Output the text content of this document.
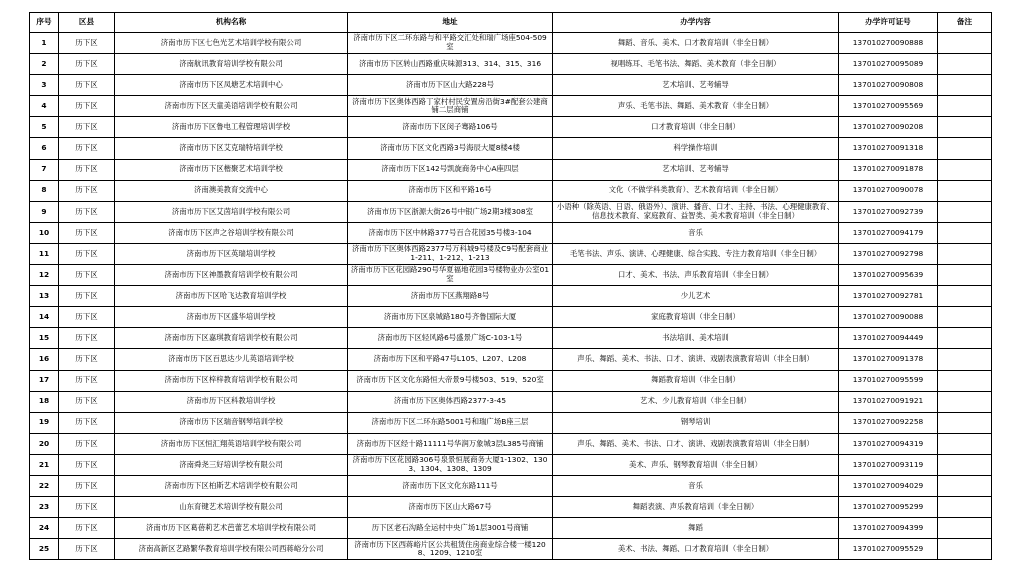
序号	区县	机构名称	地址	办学内容	办学许可证号	备注
1	历下区	济南市历下区七色光艺术培训学校有限公司	济南市历下区二环东路与和平路交汇处和瑞广场座504-509室	舞蹈、音乐、美术、口才教育培训（非全日制）	137010270090888	
2	历下区	济南航讯教育培训学校有限公司	济南市历下区转山西路重庆味源313、314、315、316	视唱练耳、毛笔书法、舞蹈、美术教育（非全日制）	137010270095089	
3	历下区	济南市历下区凤塘艺术培训中心	济南市历下区山大路228号	艺术培训、艺考辅导	137010270090808	
4	历下区	济南市历下区天童美语培训学校有限公司	济南市历下区奥体西路丁家村村民安置房沿街3#配套公建商铺二层商铺	声乐、毛笔书法、舞蹈、美术教育（非全日制）	137010270095569	
5	历下区	济南市历下区鲁电工程管理培训学校	济南市历下区闵子骞路106号	口才教育培训（非全日制）	137010270090208	
6	历下区	济南市历下区艾克瑞特培训学校	济南市历下区文化西路3号海辰大厦8楼4楼	科学操作培训	137010270091318	
7	历下区	济南市历下区楷聚艺术培训学校	济南市历下区142号凯旋商务中心A座四层	艺术培训、艺考辅导	137010270091878	
8	历下区	济南澳美教育交流中心	济南市历下区和平路16号	文化（不做学科类教育）、艺术教育培训（非全日制）	137010270090078	
9	历下区	济南市历下区艾茵培训学校有限公司	济南市历下区浙源大街26号中银广场2期3楼308室	小语种（除英语、日语、俄语外）、演讲、播音、口才、主持、书法、心理健康教育、信息技术教育、家庭教育、益智类、美术教育培训（非全日制）	137010270092739	
10	历下区	济南市历下区声之谷培训学校有限公司	济南市历下区中林路377号百合花园35号楼3-104	音乐	137010270094179	
11	历下区	济南市历下区英瑞培训学校	济南市历下区奥体西路2377号万科城9号楼及C9号配套商业1-211、1-212、1-213	毛笔书法、声乐、演讲、心理健康、综合实践、专注力教育培训（非全日制）	137010270092798	
12	历下区	济南市历下区神墨教育培训学校有限公司	济南市历下区花园路290号华夏福地花园3号楼物业办公室01室	口才、美术、书法、声乐教育培训（非全日制）	137010270095639	
13	历下区	济南市历下区哈飞达教育培训学校	济南市历下区燕翔路8号	少儿艺术	137010270092781	
14	历下区	济南市历下区盛华培训学校	济南市历下区泉城路180号齐鲁国际大厦	家庭教育培训（非全日制）	137010270090088	
15	历下区	济南市历下区嘉琪教育培训学校有限公司	济南市历下区轻风路6号盛景广场C-103-1号	书法培训、美术培训	137010270094449	
16	历下区	济南市历下区百思达少儿英语培训学校	济南市历下区和平路47号L105、L207、L208	声乐、舞蹈、美术、书法、口才、演讲、戏剧表演教育培训（非全日制）	137010270091378	
17	历下区	济南市历下区梓梓教育培训学校有限公司	济南市历下区文化东路恒大帝景9号楼503、519、520室	舞蹈教育培训（非全日制）	137010270095599	
18	历下区	济南市历下区科教培训学校	济南市历下区奥体西路2377-3-45	艺术、少儿教育培训（非全日制）	137010270091921	
19	历下区	济南市历下区瑞音钢琴培训学校	济南市历下区二环东路5001号和瑞广场B座三层	钢琴培训	137010270092258	
20	历下区	济南市历下区恒汇翔英语培训学校有限公司	济南市历下区经十路11111号华润万象城3层L385号商铺	声乐、舞蹈、美术、书法、口才、演讲、戏剧表演教育培训（非全日制）	137010270094319	
21	历下区	济南舜尧三好培训学校有限公司	济南市历下区花园路306号泉景恒展商务大厦1-1302、1303、1304、1308、1309	美术、声乐、钢琴教育培训（非全日制）	137010270093119	
22	历下区	济南市历下区柏斯艺术培训学校有限公司	济南市历下区文化东路111号	音乐	137010270094029	
23	历下区	山东育键艺术培训学校有限公司	济南市历下区山大路67号	舞蹈表演、声乐教育培训（非全日制）	137010270095299	
24	历下区	济南市历下区葛蓓莉艺术芭蕾艺术培训学校有限公司	历下区老石沟路全运村中央广场1层3001号商铺	舞蹈	137010270094399	
25	历下区	济南高新区艺路繁华教育培训学校有限公司西蒋峪分公司	济南市历下区西蒋峪片区公共租赁住房商业综合楼一楼1208、1209、1210室	美术、书法、舞蹈、口才教育培训（非全日制）	137010270095529	
